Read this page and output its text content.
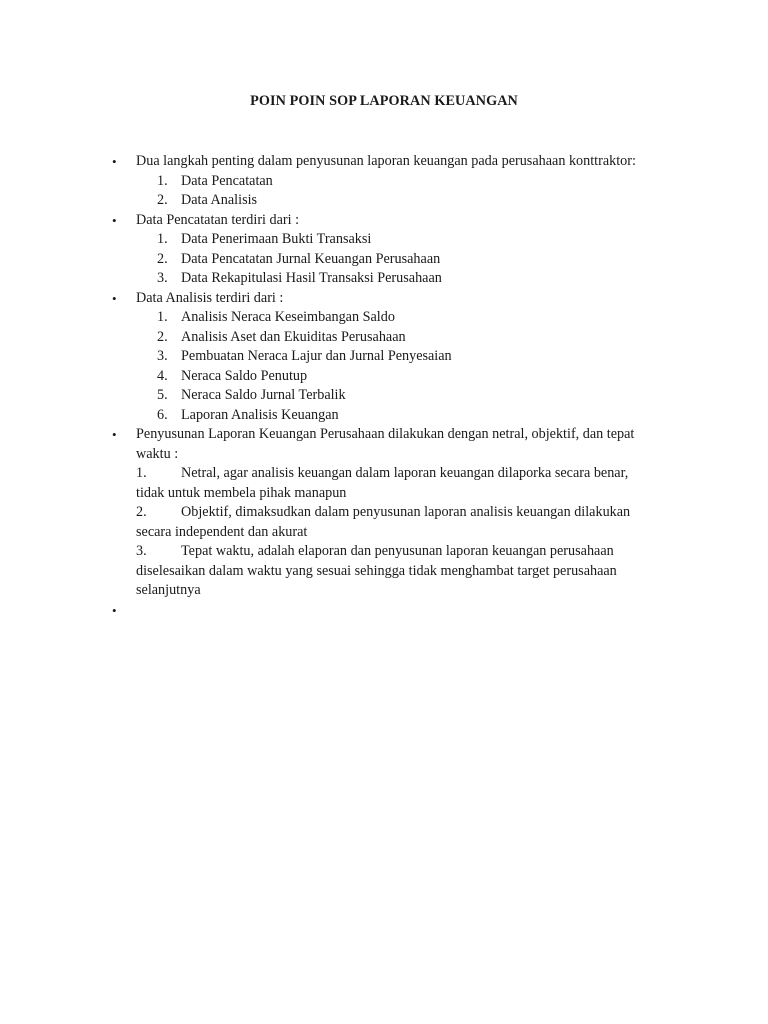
POIN POIN SOP LAPORAN KEUANGAN
• Dua langkah penting dalam penyusunan laporan keuangan pada perusahaan konttraktor:
1. Data Pencatatan
2. Data Analisis
• Data Pencatatan terdiri dari :
1. Data Penerimaan Bukti Transaksi
2. Data Pencatatan Jurnal Keuangan Perusahaan
3. Data Rekapitulasi Hasil Transaksi Perusahaan
• Data Analisis terdiri dari :
1. Analisis Neraca Keseimbangan Saldo
2. Analisis Aset dan Ekuiditas Perusahaan
3. Pembuatan Neraca Lajur dan Jurnal Penyesaian
4. Neraca Saldo Penutup
5. Neraca Saldo Jurnal Terbalik
6. Laporan Analisis Keuangan
• Penyusunan Laporan Keuangan Perusahaan dilakukan dengan netral, objektif, dan tepat waktu :
1. Netral, agar analisis keuangan dalam laporan keuangan dilaporka secara benar,
tidak untuk membela pihak manapun
2. Objektif, dimaksudkan dalam penyusunan laporan analisis keuangan dilakukan
secara independent dan akurat
3. Tepat waktu, adalah elaporan dan penyusunan laporan keuangan perusahaan
diselesaikan dalam waktu yang sesuai sehingga tidak menghambat target perusahaan selanjutnya
•
